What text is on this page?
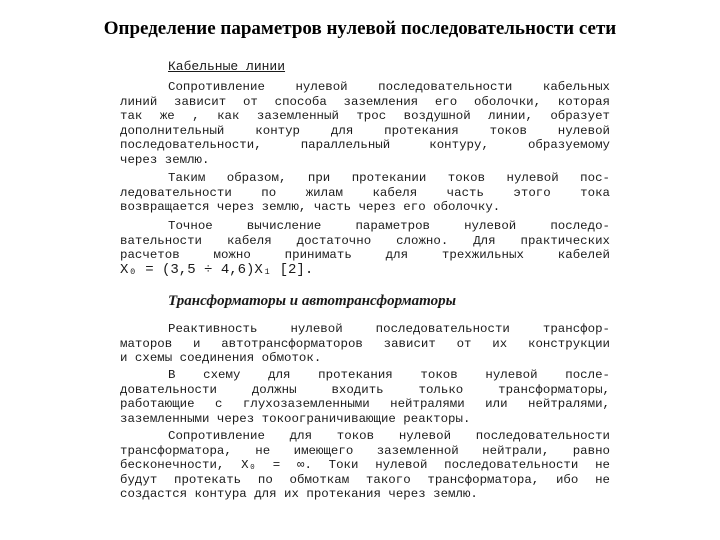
Определение параметров нулевой последовательности сети
Кабельные линии
Сопротивление нулевой последовательности кабельных
линий зависит от способа заземления его оболочки, которая
так же , как заземленный трос воздушной линии, образует
дополнительный контур для протекания токов нулевой
последовательности, параллельный контуру, образуемому
через землю.
Таким образом, при протекании токов нулевой пос-
ледовательности по жилам кабеля часть этого тока
возвращается через землю, часть через его оболочку.
Точное вычисление параметров нулевой последо-
вательности кабеля достаточно сложно. Для практических
расчетов можно принимать для трехжильных кабелей
X₀ = (3,5 ÷ 4,6)X₁ [2].
Трансформаторы и автотрансформаторы
Реактивность нулевой последовательности трансфор-
маторов и автотрансформаторов зависит от их конструкции
и схемы соединения обмоток.
В схему для протекания токов нулевой после-
довательности должны входить только трансформаторы,
работающие с глухозаземленными нейтралями или нейтралями,
заземленными через токоограничивающие реакторы.
Сопротивление для токов нулевой последовательности
трансформатора, не имеющего заземленной нейтрали, равно
бесконечности, X₀ = ∞. Токи нулевой последовательности не
будут протекать по обмоткам такого трансформатора, ибо не
создастся контура для их протекания через землю.
